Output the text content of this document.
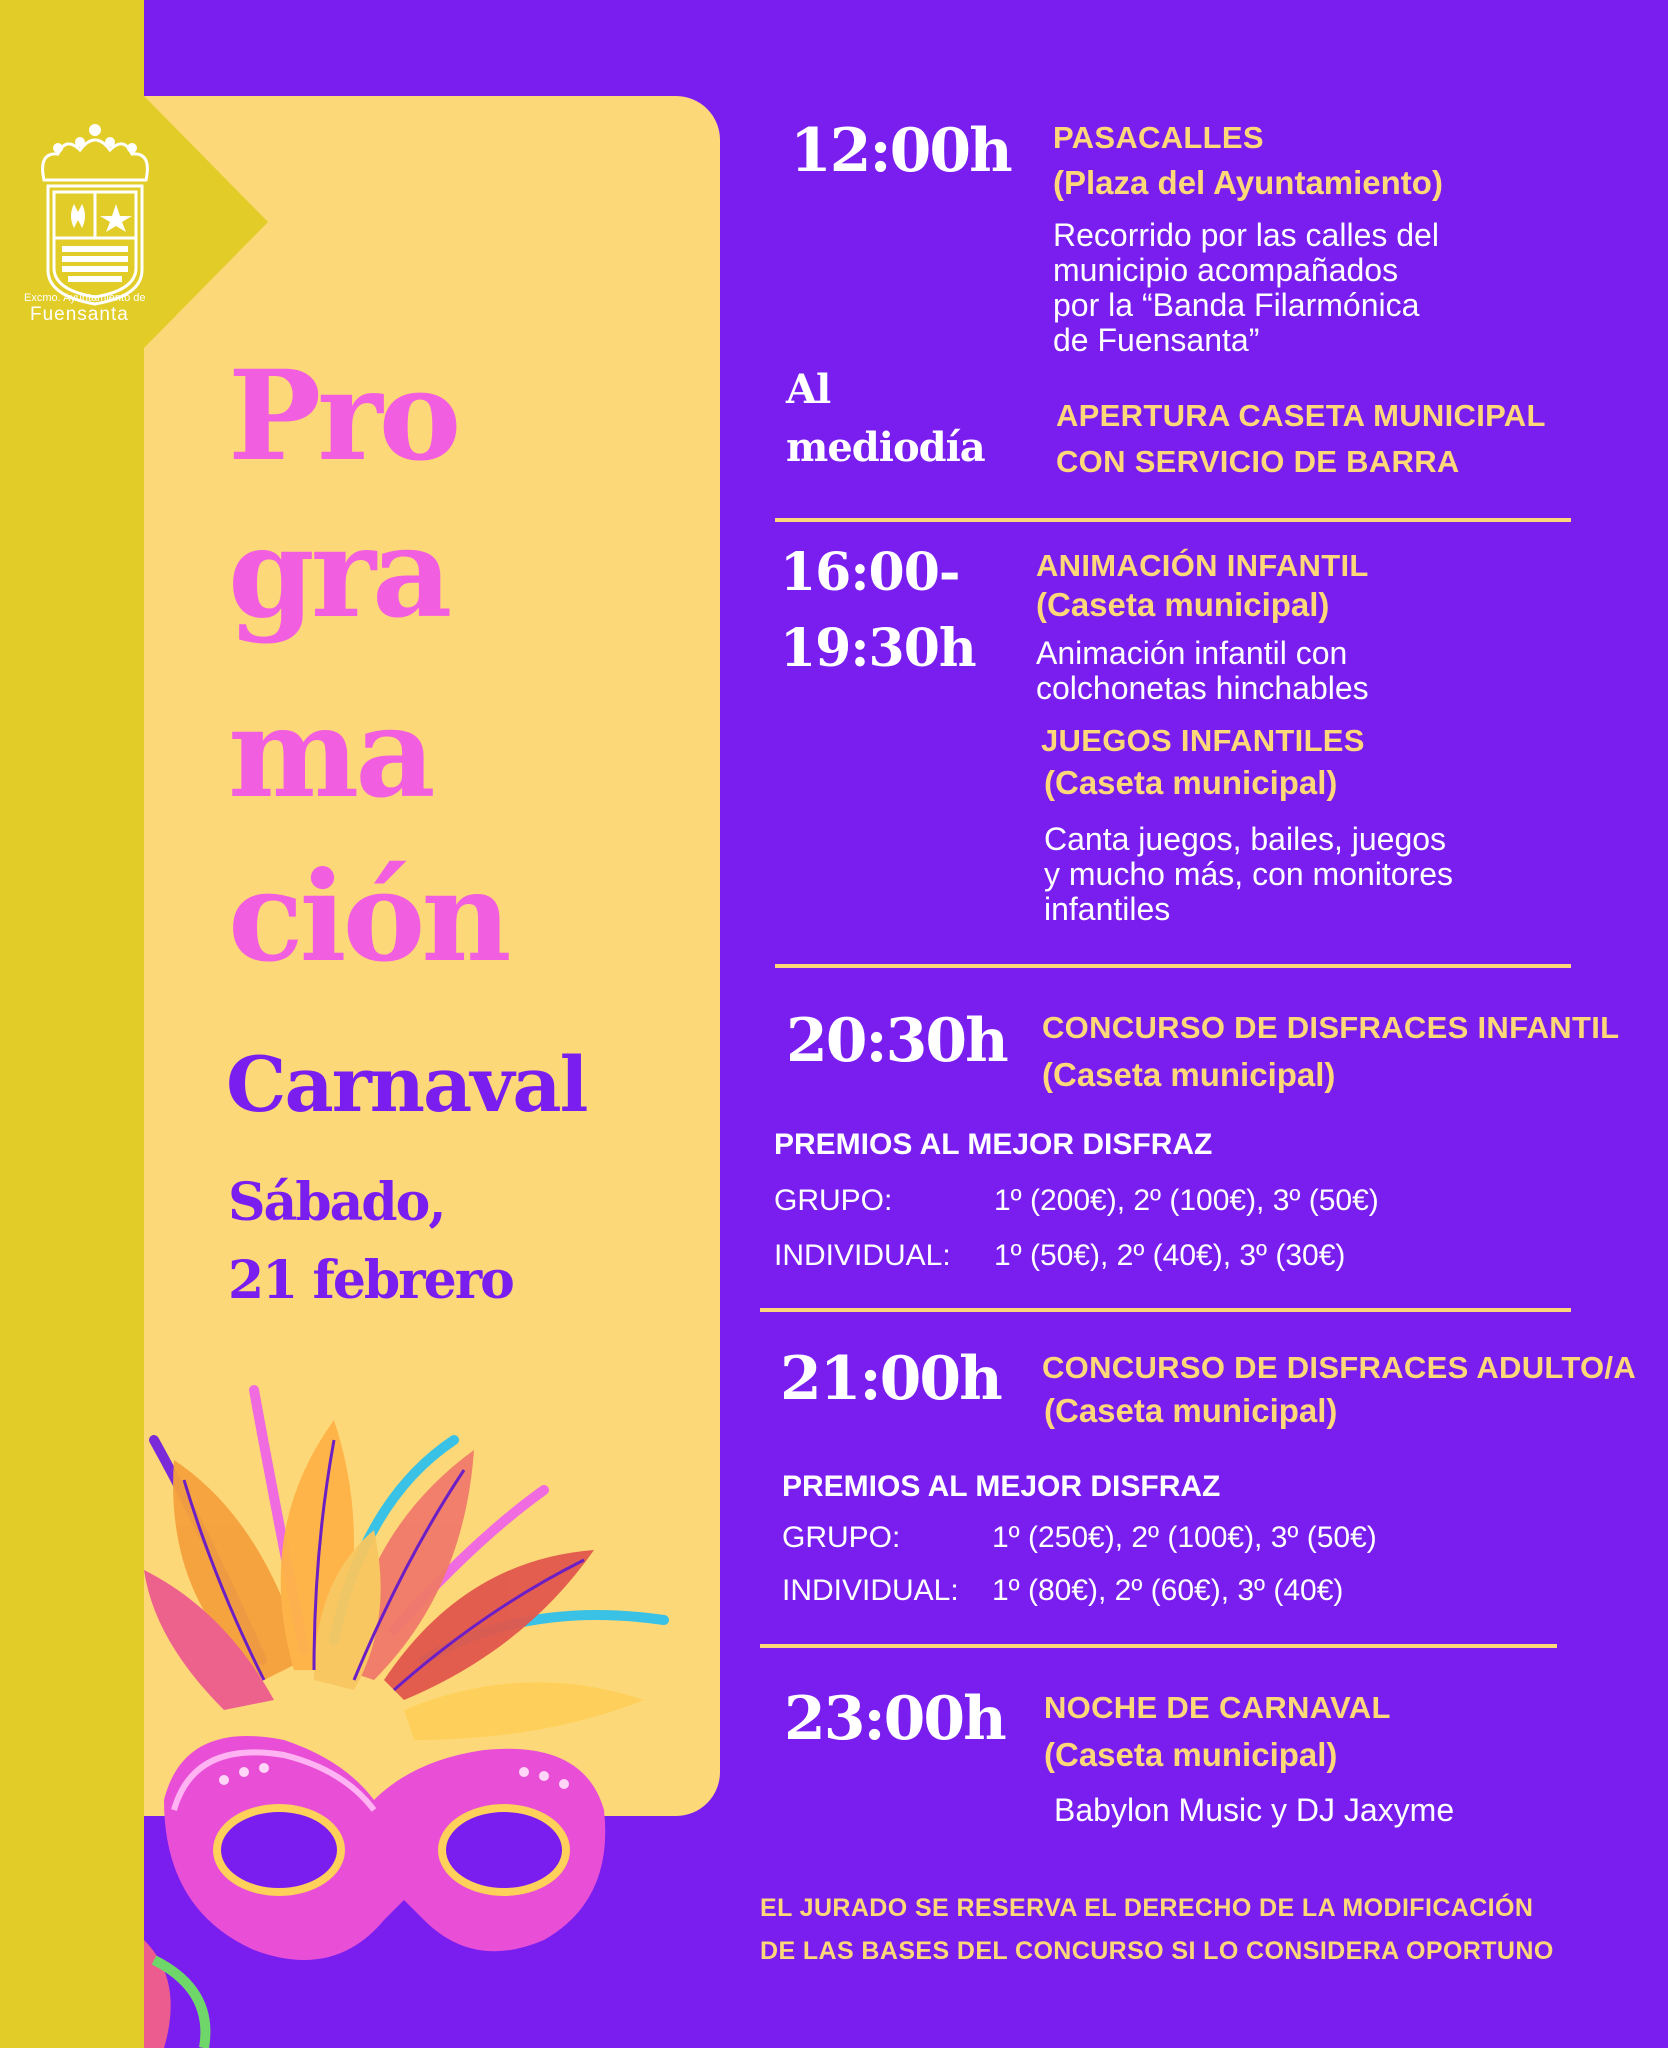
Excmo. Ayuntamiento de
Fuensanta
Pro
gra
ma
ción
Carnaval
Sábado,
21 febrero
12:00h PASACALLES
(Plaza del Ayuntamiento)
Recorrido por las calles del
municipio acompañados
por la “Banda Filarmónica
de Fuensanta”
Al
mediodía
APERTURA CASETA MUNICIPAL
CON SERVICIO DE BARRA
16:00-
19:30h
ANIMACIÓN INFANTIL
(Caseta municipal)
Animación infantil con
colchonetas hinchables
JUEGOS INFANTILES
(Caseta municipal)
Canta juegos, bailes, juegos
y mucho más, con monitores
infantiles
20:30h CONCURSO DE DISFRACES INFANTIL
(Caseta municipal)
PREMIOS AL MEJOR DISFRAZ
GRUPO:	1º (200€), 2º (100€), 3º (50€)
INDIVIDUAL: 1º (50€), 2º (40€), 3º (30€)
21:00h CONCURSO DE DISFRACES ADULTO/A
(Caseta municipal)
PREMIOS AL MEJOR DISFRAZ
GRUPO:	1º (250€), 2º (100€), 3º (50€)
INDIVIDUAL: 1º (80€), 2º (60€), 3º (40€)
23:00h NOCHE DE CARNAVAL
(Caseta municipal)
Babylon Music y DJ Jaxyme
EL JURADO SE RESERVA EL DERECHO DE LA MODIFICACIÓN
DE LAS BASES DEL CONCURSO SI LO CONSIDERA OPORTUNO
